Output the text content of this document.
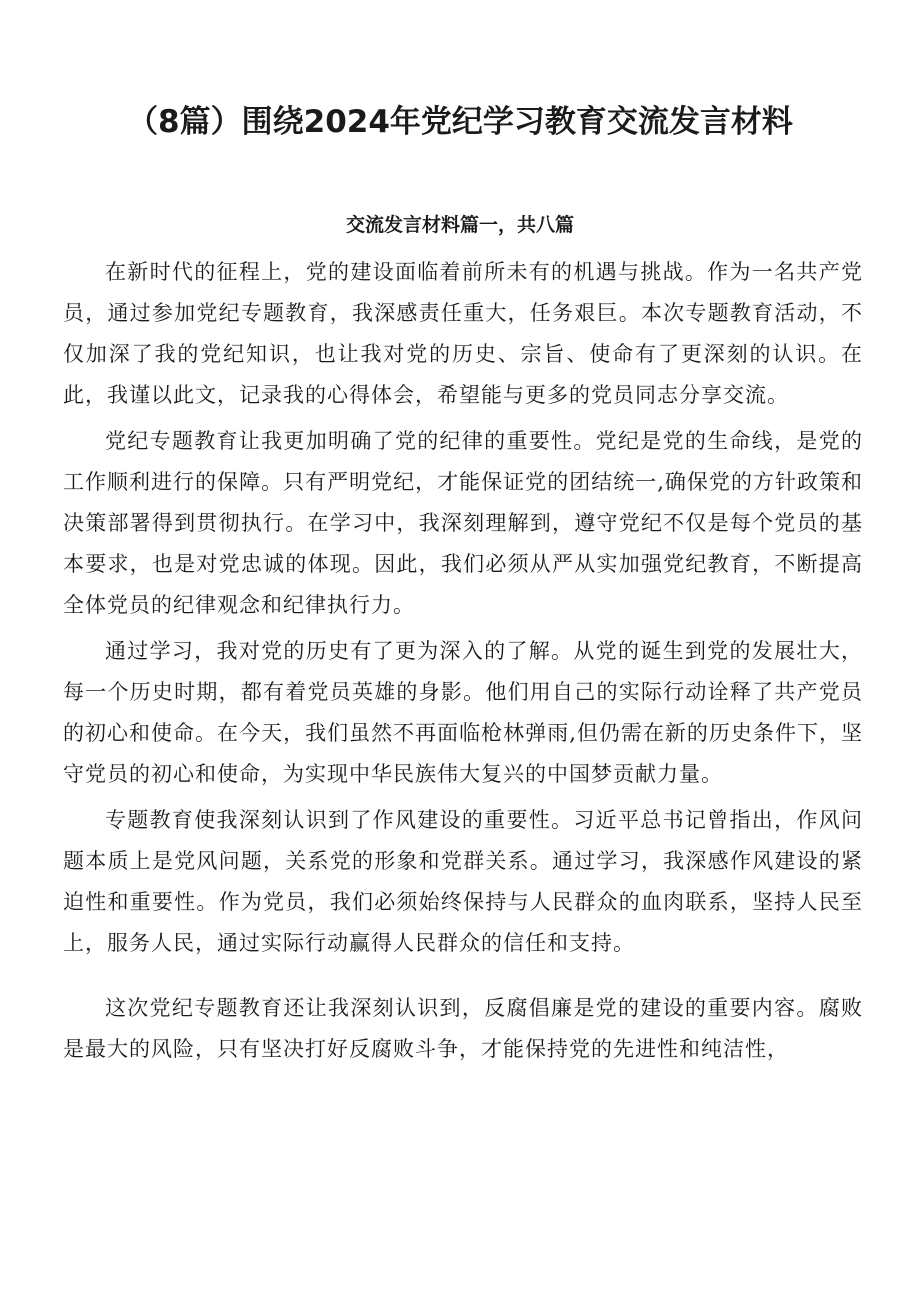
（8篇）围绕2024年党纪学习教育交流发言材料
交流发言材料篇一，共八篇

在新时代的征程上，党的建设面临着前所未有的机遇与挑战。作为一名共产党员，通过参加党纪专题教育，我深感责任重大，任务艰巨。本次专题教育活动，不仅加深了我的党纪知识，也让我对党的历史、宗旨、使命有了更深刻的认识。在此，我谨以此文，记录我的心得体会，希望能与更多的党员同志分享交流。

党纪专题教育让我更加明确了党的纪律的重要性。党纪是党的生命线，是党的工作顺利进行的保障。只有严明党纪，才能保证党的团结统一,确保党的方针政策和决策部署得到贯彻执行。在学习中，我深刻理解到，遵守党纪不仅是每个党员的基本要求，也是对党忠诚的体现。因此，我们必须从严从实加强党纪教育，不断提高全体党员的纪律观念和纪律执行力。

通过学习，我对党的历史有了更为深入的了解。从党的诞生到党的发展壮大，每一个历史时期，都有着党员英雄的身影。他们用自己的实际行动诠释了共产党员的初心和使命。在今天，我们虽然不再面临枪林弹雨,但仍需在新的历史条件下，坚守党员的初心和使命，为实现中华民族伟大复兴的中国梦贡献力量。

专题教育使我深刻认识到了作风建设的重要性。习近平总书记曾指出，作风问题本质上是党风问题，关系党的形象和党群关系。通过学习，我深感作风建设的紧迫性和重要性。作为党员，我们必须始终保持与人民群众的血肉联系，坚持人民至上，服务人民，通过实际行动赢得人民群众的信任和支持。

这次党纪专题教育还让我深刻认识到，反腐倡廉是党的建设的重要内容。腐败是最大的风险，只有坚决打好反腐败斗争，才能保持党的先进性和纯洁性，
